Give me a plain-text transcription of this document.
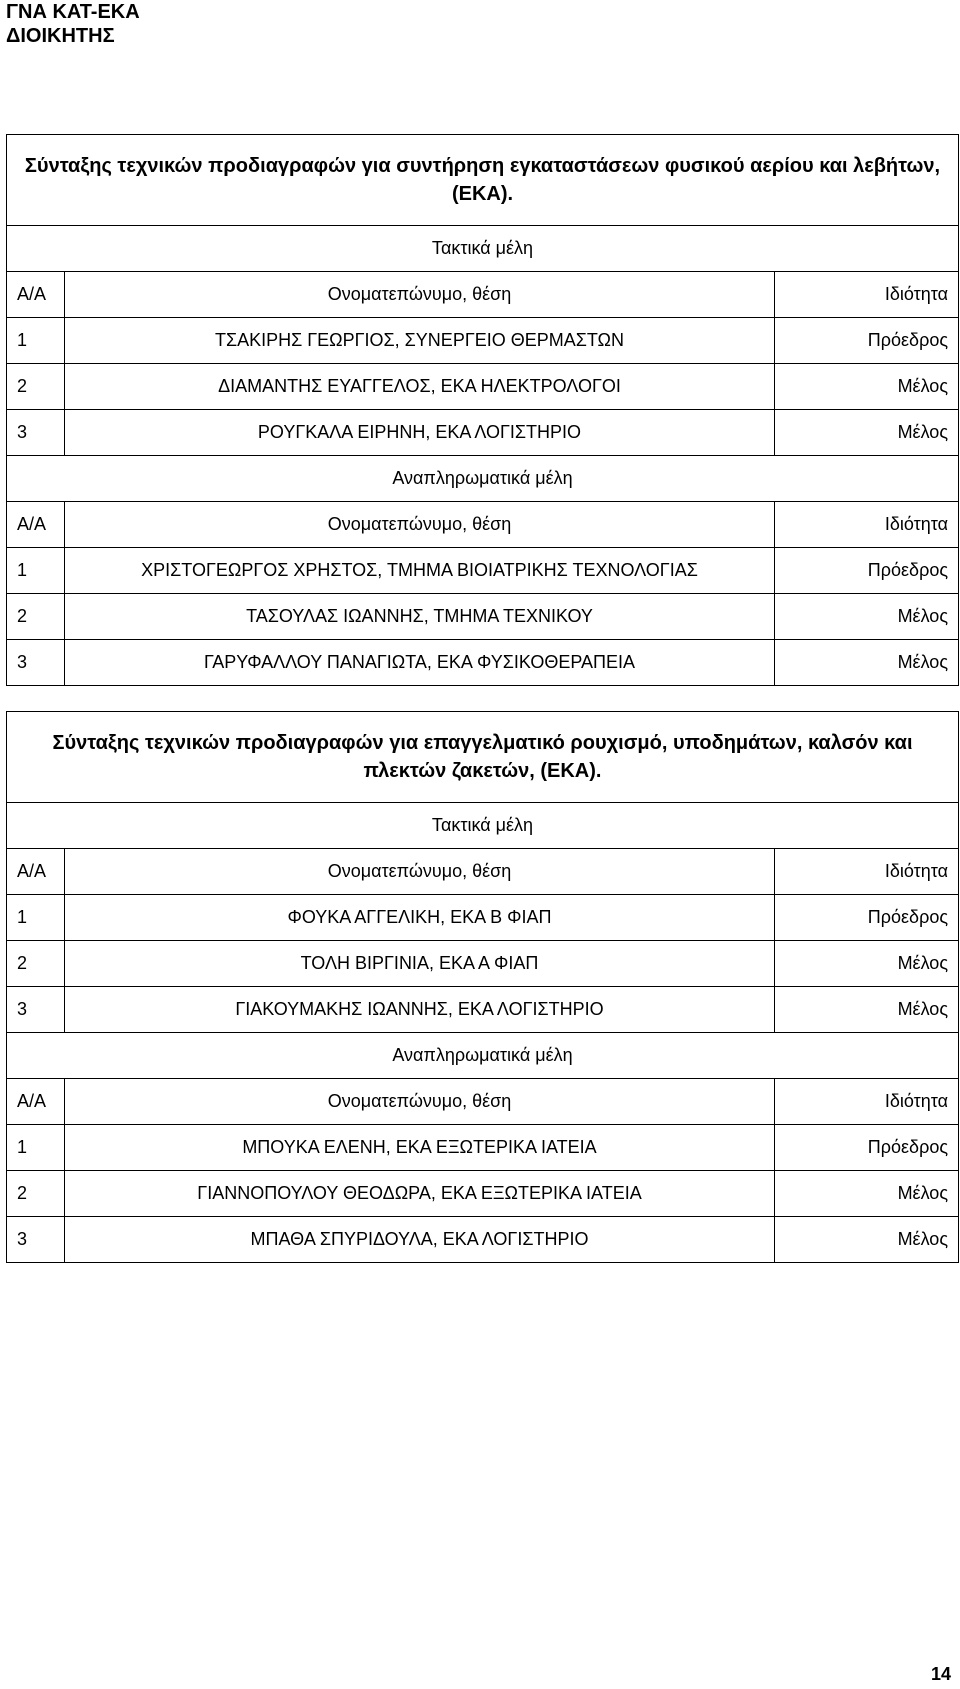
ΓΝΑ ΚΑΤ-ΕΚΑ
ΔΙΟΙΚΗΤΗΣ
Σύνταξης τεχνικών προδιαγραφών για συντήρηση εγκαταστάσεων φυσικού αερίου και λεβήτων, (ΕΚΑ).		
Τακτικά μέλη		
Α/Α	Ονοματεπώνυμο, θέση	Ιδιότητα
1	ΤΣΑΚΙΡΗΣ ΓΕΩΡΓΙΟΣ, ΣΥΝΕΡΓΕΙΟ ΘΕΡΜΑΣΤΩΝ	Πρόεδρος
2	ΔΙΑΜΑΝΤΗΣ ΕΥΑΓΓΕΛΟΣ, ΕΚΑ ΗΛΕΚΤΡΟΛΟΓΟΙ	Μέλος
3	ΡΟΥΓΚΑΛΑ ΕΙΡΗΝΗ, ΕΚΑ ΛΟΓΙΣΤΗΡΙΟ	Μέλος
Αναπληρωματικά μέλη		
Α/Α	Ονοματεπώνυμο, θέση	Ιδιότητα
1	ΧΡΙΣΤΟΓΕΩΡΓΟΣ ΧΡΗΣΤΟΣ, ΤΜΗΜΑ ΒΙΟΙΑΤΡΙΚΗΣ ΤΕΧΝΟΛΟΓΙΑΣ	Πρόεδρος
2	ΤΑΣΟΥΛΑΣ ΙΩΑΝΝΗΣ, ΤΜΗΜΑ ΤΕΧΝΙΚΟΥ	Μέλος
3	ΓΑΡΥΦΑΛΛΟΥ ΠΑΝΑΓΙΩΤΑ, ΕΚΑ ΦΥΣΙΚΟΘΕΡΑΠΕΙΑ	Μέλος
Σύνταξης τεχνικών προδιαγραφών για επαγγελματικό ρουχισμό, υποδημάτων, καλσόν και πλεκτών ζακετών, (ΕΚΑ).		
Τακτικά μέλη		
Α/Α	Ονοματεπώνυμο, θέση	Ιδιότητα
1	ΦΟΥΚΑ ΑΓΓΕΛΙΚΗ, ΕΚΑ Β ΦΙΑΠ	Πρόεδρος
2	ΤΟΛΗ ΒΙΡΓΙΝΙΑ, ΕΚΑ Α ΦΙΑΠ	Μέλος
3	ΓΙΑΚΟΥΜΑΚΗΣ ΙΩΑΝΝΗΣ, ΕΚΑ ΛΟΓΙΣΤΗΡΙΟ	Μέλος
Αναπληρωματικά μέλη		
Α/Α	Ονοματεπώνυμο, θέση	Ιδιότητα
1	ΜΠΟΥΚΑ ΕΛΕΝΗ, ΕΚΑ ΕΞΩΤΕΡΙΚΑ ΙΑΤΕΙΑ	Πρόεδρος
2	ΓΙΑΝΝΟΠΟΥΛΟΥ ΘΕΟΔΩΡΑ, ΕΚΑ ΕΞΩΤΕΡΙΚΑ ΙΑΤΕΙΑ	Μέλος
3	ΜΠΑΘΑ ΣΠΥΡΙΔΟΥΛΑ, ΕΚΑ ΛΟΓΙΣΤΗΡΙΟ	Μέλος
14
